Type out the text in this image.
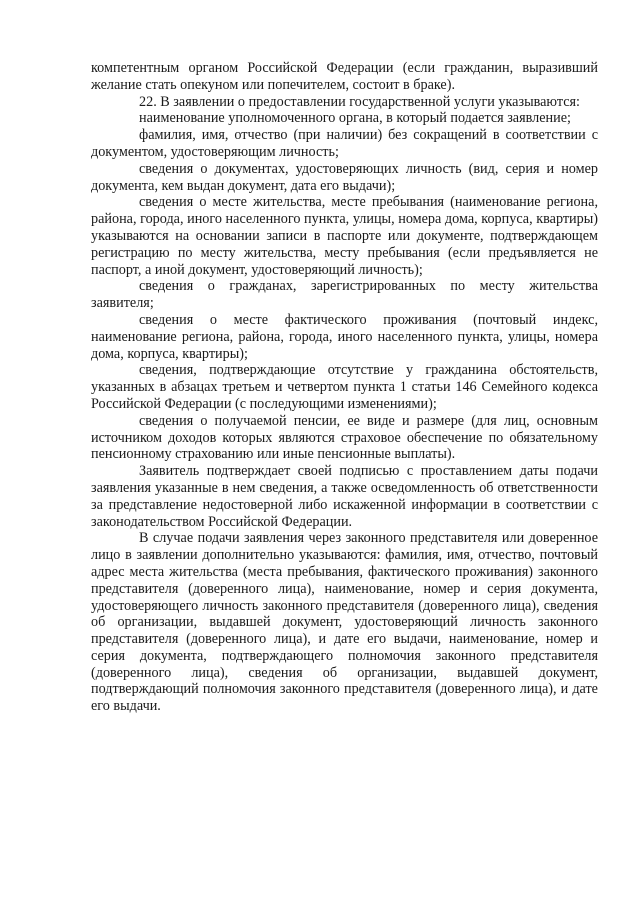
компетентным органом Российской Федерации (если гражданин, выразивший желание стать опекуном или попечителем, состоит в браке).

22. В заявлении о предоставлении государственной услуги указываются:

наименование уполномоченного органа, в который подается заявление;

фамилия, имя, отчество (при наличии) без сокращений в соответствии с документом, удостоверяющим личность;

сведения о документах, удостоверяющих личность (вид, серия и номер документа, кем выдан документ, дата его выдачи);

сведения о месте жительства, месте пребывания (наименование региона, района, города, иного населенного пункта, улицы, номера дома, корпуса, квартиры) указываются на основании записи в паспорте или документе, подтверждающем регистрацию по месту жительства, месту пребывания (если предъявляется не паспорт, а иной документ, удостоверяющий личность);

сведения о гражданах, зарегистрированных по месту жительства заявителя;

сведения о месте фактического проживания (почтовый индекс, наименование региона, района, города, иного населенного пункта, улицы, номера дома, корпуса, квартиры);

сведения, подтверждающие отсутствие у гражданина обстоятельств, указанных в абзацах третьем и четвертом пункта 1 статьи 146 Семейного кодекса Российской Федерации (с последующими изменениями);

сведения о получаемой пенсии, ее виде и размере (для лиц, основным источником доходов которых являются страховое обеспечение по обязательному пенсионному страхованию или иные пенсионные выплаты).

Заявитель подтверждает своей подписью с проставлением даты подачи заявления указанные в нем сведения, а также осведомленность об ответственности за представление недостоверной либо искаженной информации в соответствии с законодательством Российской Федерации.

В случае подачи заявления через законного представителя или доверенное лицо в заявлении дополнительно указываются: фамилия, имя, отчество, почтовый адрес места жительства (места пребывания, фактического проживания) законного представителя (доверенного лица), наименование, номер и серия документа, удостоверяющего личность законного представителя (доверенного лица), сведения об организации, выдавшей документ, удостоверяющий личность законного представителя (доверенного лица), и дате его выдачи, наименование, номер и серия документа, подтверждающего полномочия законного представителя (доверенного лица), сведения об организации, выдавшей документ, подтверждающий полномочия законного представителя (доверенного лица), и дате его выдачи.
